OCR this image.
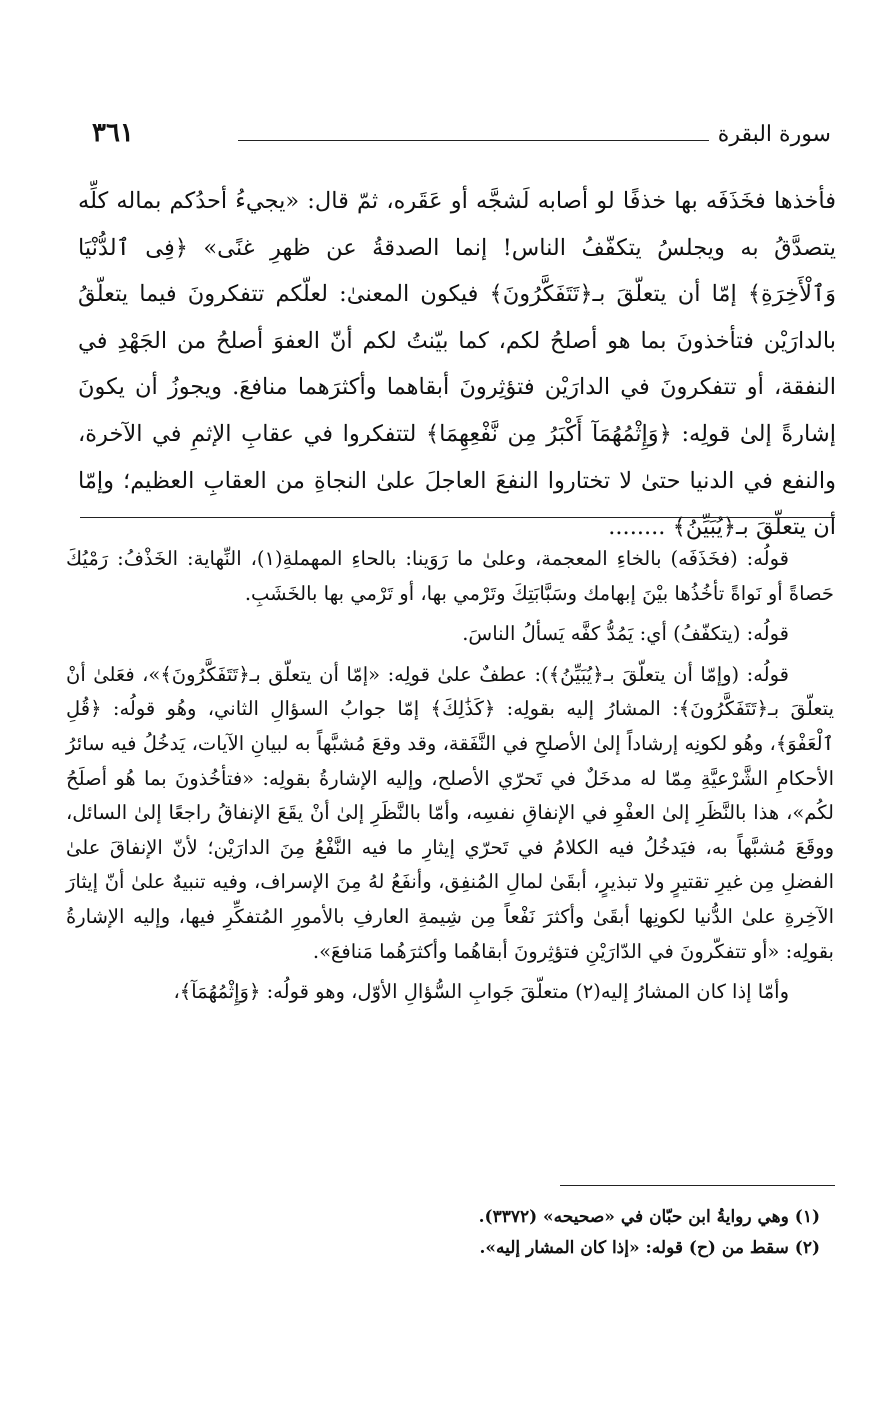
٣٦١	سورة البقرة

فأخذها فخَذَفَه بها خذفًا لو أصابه لَشجَّه أو عَقَره، ثمّ قال: «يجيءُ أحدُكم بماله كلِّه يتصدَّقُ به ويجلسُ يتكفّفُ الناس! إنما الصدقةُ عن ظهرِ غنًى» ﴿فِى ٱلدُّنْيَا وَٱلْأَخِرَةِ﴾ إمّا أن يتعلّقَ بـ﴿تَتَفَكَّرُونَ﴾ فيكون المعنىٰ: لعلّكم تتفكرونَ فيما يتعلّقُ بالدارَيْن فتأخذونَ بما هو أصلحُ لكم، كما بيّنتُ لكم أنّ العفوَ أصلحُ من الجَهْدِ في النفقة، أو تتفكرونَ في الدارَيْن فتؤثِرونَ أبقاهما وأكثرَهما منافعَ. ويجوزُ أن يكونَ إشارةً إلىٰ قولِه: ﴿وَإِثْمُهُمَآ أَكْبَرُ مِن نَّفْعِهِمَا﴾ لتتفكروا في عقابِ الإثمِ في الآخرة، والنفع في الدنيا حتىٰ لا تختاروا النفعَ العاجلَ علىٰ النجاةِ من العقابِ العظيم؛ وإمّا أن يتعلّقَ بـ﴿يُبَيِّنُ﴾ ........

قولُه: (فخَذَفَه) بالخاءِ المعجمة، وعلىٰ ما رَوَينا: بالحاءِ المهملةِ(١)، النِّهاية: الخَذْفُ: رَمْيُكَ حَصاةً أو نَواةً تأخُذُها بيْنَ إبهامك وسَبَّابَتِكَ وتَرْمي بها، أو تَرْمي بها بالخَشَبِ.

قولُه: (يتكفّفُ) أي: يَمُدُّ كفَّه يَسألُ الناسَ.

قولُه: (وإمّا أن يتعلّقَ بـ﴿يُبَيِّنُ﴾): عطفٌ علىٰ قولِه: «إمّا أن يتعلّق بـ﴿تَتَفَكَّرُونَ﴾»، فعَلىٰ أنْ يتعلّقَ بـ﴿تَتَفَكَّرُونَ﴾: المشارُ إليه بقولِه: ﴿كَذَٰلِكَ﴾ إمّا جوابُ السؤالِ الثاني، وهُو قولُه: ﴿قُلِ ٱلْعَفْوَ﴾، وهُو لكونِه إرشاداً إلىٰ الأصلحِ في النَّفَقة، وقد وقعَ مُشبَّهاً به لبيانِ الآيات، يَدخُلُ فيه سائرُ الأحكامِ الشَّرْعيَّةِ مِمّا له مدخَلٌ في تَحرّي الأصلح، وإليه الإشارةُ بقولِه: «فتأخُذونَ بما هُو أصلَحُ لكُم»، هذا بالنَّظَرِ إلىٰ العفْوِ في الإنفاقِ نفسِه، وأمّا بالنَّظَرِ إلىٰ أنْ يقَعَ الإنفاقُ راجعًا إلىٰ السائل، ووقَعَ مُشبَّهاً به، فيَدخُلُ فيه الكلامُ في تَحرّي إيثارِ ما فيه النَّفْعُ مِنَ الدارَيْن؛ لأنّ الإنفاقَ علىٰ الفضلِ مِن غيرِ تقتيرٍ ولا تبذيرٍ، أبقَىٰ لمالِ المُنفِق، وأنفَعُ لهُ مِنَ الإسراف، وفيه تنبيهٌ علىٰ أنّ إيثارَ الآخِرةِ علىٰ الدُّنيا لكونِها أبقَىٰ وأكثرَ نَفْعاً مِن شِيمةِ العارفِ بالأمورِ المُتفكِّرِ فيها، وإليه الإشارةُ بقولِه: «أو تتفكّرونَ في الدّارَيْنِ فتؤثِرونَ أبقاهُما وأكثرَهُما مَنافعَ».

وأمّا إذا كان المشارُ إليه(٢) متعلّقَ جَوابِ السُّؤالِ الأوّل، وهو قولُه: ﴿وَإِثْمُهُمَآ﴾،

(١) وهي روايةُ ابن حبّان في «صحيحه» (٣٣٧٢).
(٢) سقط من (ح) قوله: «إذا كان المشار إليه».
